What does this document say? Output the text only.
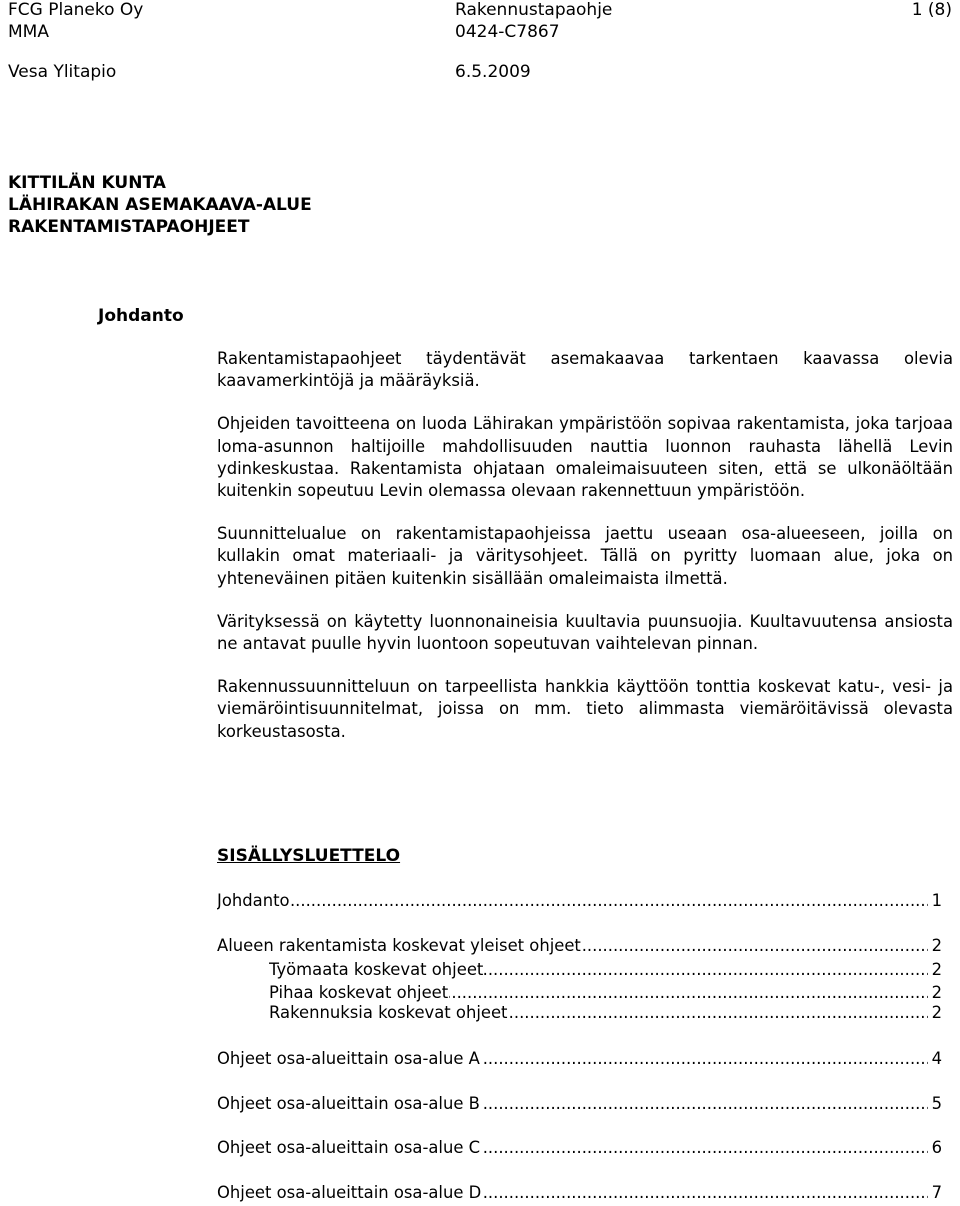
FCG Planeko Oy
MMA
Vesa Ylitapio
Rakennustapaohje
0424-C7867
6.5.2009
1 (8)
KITTILÄN KUNTA
LÄHIRAKAN ASEMAKAAVA-ALUE
RAKENTAMISTAPAOHJEET
Johdanto

Rakentamistapaohjeet täydentävät asemakaavaa tarkentaen kaavassa olevia kaavamerkintöjä ja määräyksiä.

Ohjeiden tavoitteena on luoda Lähirakan ympäristöön sopivaa rakentamista, joka tarjoaa loma-asunnon haltijoille mahdollisuuden nauttia luonnon rauhasta lähellä Levin ydinkeskustaa. Rakentamista ohjataan omaleimaisuuteen siten, että se ulkonäöltään kuitenkin sopeutuu Levin olemassa olevaan rakennettuun ympäristöön.

Suunnittelualue on rakentamistapaohjeissa jaettu useaan osa-alueeseen, joilla on kullakin omat materiaali- ja väritysohjeet. Tällä on pyritty luomaan alue, joka on yhteneväinen pitäen kuitenkin sisällään omaleimaista ilmettä.

Värityksessä on käytetty luonnonaineisia kuultavia puunsuojia. Kuultavuutensa ansiosta ne antavat puulle hyvin luontoon sopeutuvan vaihtelevan pinnan.

Rakennussuunnitteluun on tarpeellista hankkia käyttöön tonttia koskevat katu-, vesi- ja viemäröintisuunnitelmat, joissa on mm. tieto alimmasta viemäröitävissä olevasta korkeustasosta.

SISÄLLYSLUETTELO
Johdanto	1
.....
Alueen rakentamista koskevat yleiset ohjeet	2
.....
Työmaata koskevat ohjeet	2
.....
Pihaa koskevat ohjeet	2
.....
Rakennuksia koskevat ohjeet	2
.....
Ohjeet osa-alueittain osa-alue A	4
.....
Ohjeet osa-alueittain osa-alue B	5
.....
Ohjeet osa-alueittain osa-alue C	6
.....
Ohjeet osa-alueittain osa-alue D	7
.....
